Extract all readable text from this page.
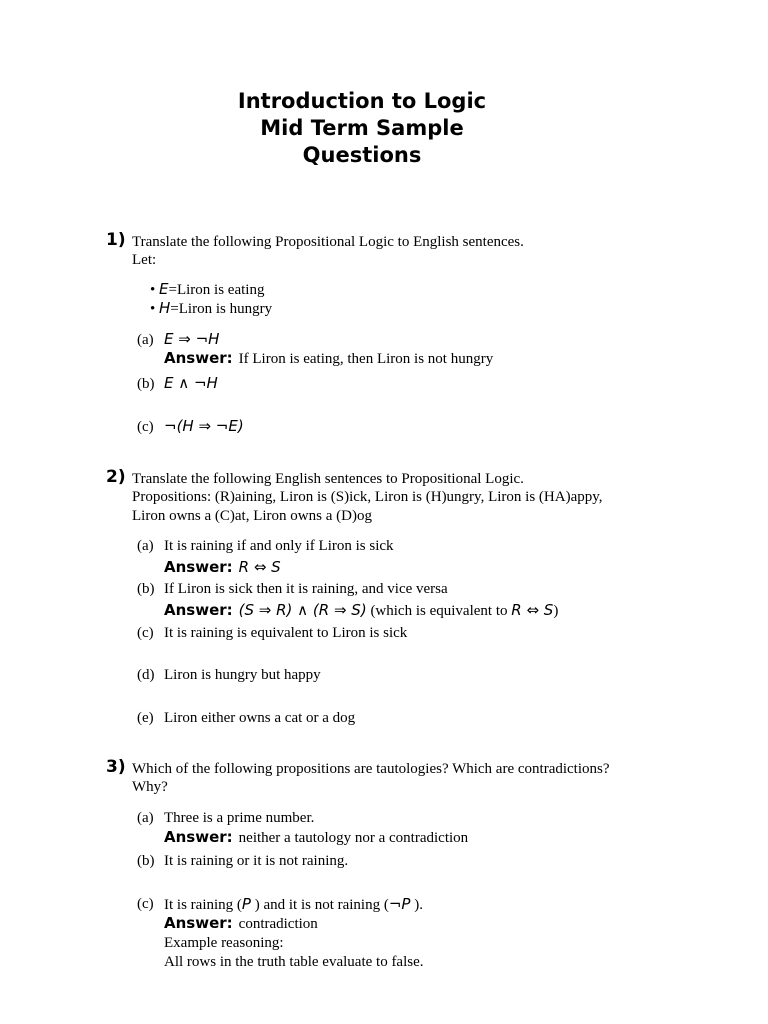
Introduction to Logic
Mid Term Sample
Questions
1) Translate the following Propositional Logic to English sentences.
Let:
• E=Liron is eating
• H=Liron is hungry
(a) E ⇒ ¬H
Answer: If Liron is eating, then Liron is not hungry
(b) E ∧ ¬H
(c) ¬(H ⇒ ¬E)
2) Translate the following English sentences to Propositional Logic.
Propositions: (R)aining, Liron is (S)ick, Liron is (H)ungry, Liron is (HA)appy,
Liron owns a (C)at, Liron owns a (D)og
(a) It is raining if and only if Liron is sick
Answer: R ⇔ S
(b) If Liron is sick then it is raining, and vice versa
Answer: (S ⇒ R) ∧ (R ⇒ S) (which is equivalent to R ⇔ S)
(c) It is raining is equivalent to Liron is sick
(d) Liron is hungry but happy
(e) Liron either owns a cat or a dog
3) Which of the following propositions are tautologies? Which are contradictions?
Why?
(a) Three is a prime number.
Answer: neither a tautology nor a contradiction
(b) It is raining or it is not raining.
(c) It is raining (P ) and it is not raining (¬P ).
Answer: contradiction
Example reasoning:
All rows in the truth table evaluate to false.
